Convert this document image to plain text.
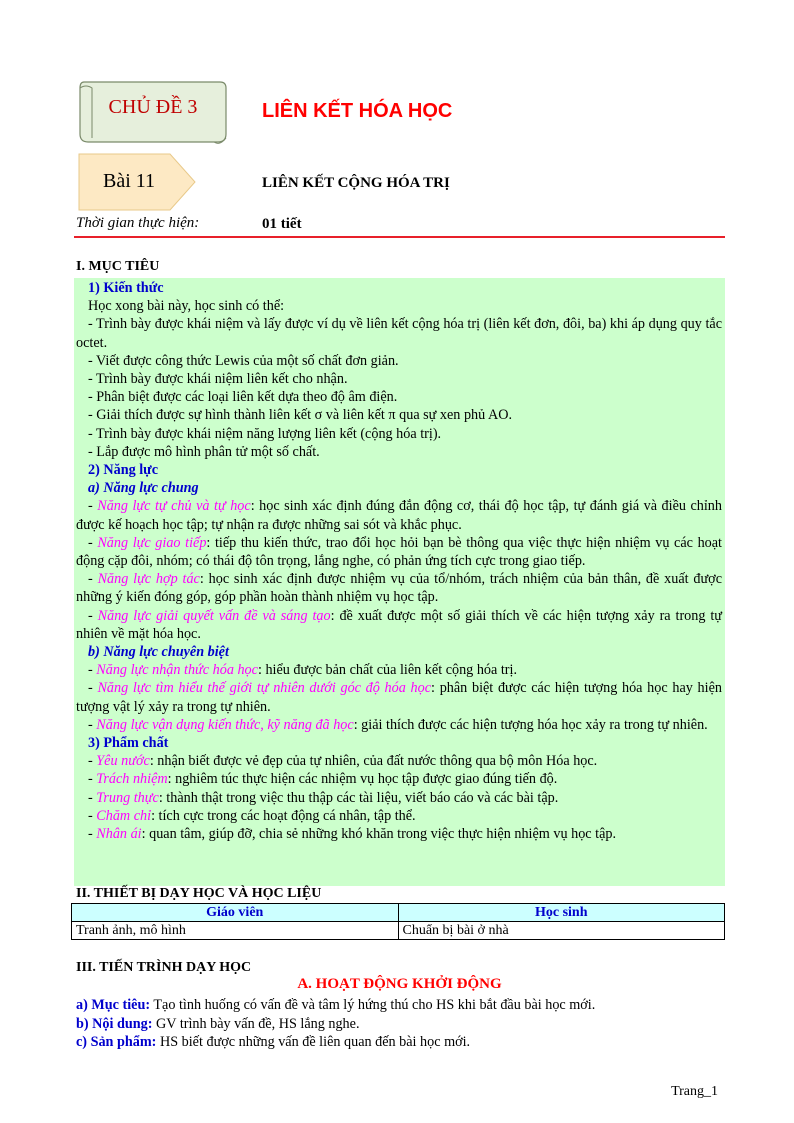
CHỦ ĐỀ 3	LIÊN KẾT HÓA HỌC
Bài 11	LIÊN KẾT CỘNG HÓA TRỊ
Thời gian thực hiện:	01 tiết
I. MỤC TIÊU

1) Kiến thức

Học xong bài này, học sinh có thể:

- Trình bày được khái niệm và lấy được ví dụ về liên kết cộng hóa trị (liên kết đơn, đôi, ba) khi áp dụng quy tắc octet.

- Viết được công thức Lewis của một số chất đơn giản.

- Trình bày được khái niệm liên kết cho nhận.

- Phân biệt được các loại liên kết dựa theo độ âm điện.

- Giải thích được sự hình thành liên kết σ và liên kết π qua sự xen phủ AO.

- Trình bày được khái niệm năng lượng liên kết (cộng hóa trị).

- Lắp được mô hình phân tử một số chất.

2) Năng lực

a) Năng lực chung

- Năng lực tự chủ và tự học: học sinh xác định đúng đắn động cơ, thái độ học tập, tự đánh giá và điều chỉnh được kế hoạch học tập; tự nhận ra được những sai sót và khắc phục.

- Năng lực giao tiếp: tiếp thu kiến thức, trao đổi học hỏi bạn bè thông qua việc thực hiện nhiệm vụ các hoạt động cặp đôi, nhóm; có thái độ tôn trọng, lắng nghe, có phản ứng tích cực trong giao tiếp.

- Năng lực hợp tác: học sinh xác định được nhiệm vụ của tổ/nhóm, trách nhiệm của bản thân, đề xuất được những ý kiến đóng góp, góp phần hoàn thành nhiệm vụ học tập.

- Năng lực giải quyết vấn đề và sáng tạo: đề xuất được một số giải thích về các hiện tượng xảy ra trong tự nhiên về mặt hóa học.

b) Năng lực chuyên biệt

- Năng lực nhận thức hóa học: hiểu được bản chất của liên kết cộng hóa trị.

- Năng lực tìm hiểu thế giới tự nhiên dưới góc độ hóa học: phân biệt được các hiện tượng hóa học hay hiện tượng vật lý xảy ra trong tự nhiên.

- Năng lực vận dụng kiến thức, kỹ năng đã học: giải thích được các hiện tượng hóa học xảy ra trong tự nhiên.

3) Phẩm chất

- Yêu nước: nhận biết được vẻ đẹp của tự nhiên, của đất nước thông qua bộ môn Hóa học.

- Trách nhiệm: nghiêm túc thực hiện các nhiệm vụ học tập được giao đúng tiến độ.

- Trung thực: thành thật trong việc thu thập các tài liệu, viết báo cáo và các bài tập.

- Chăm chỉ: tích cực trong các hoạt động cá nhân, tập thể.

- Nhân ái: quan tâm, giúp đỡ, chia sẻ những khó khăn trong việc thực hiện nhiệm vụ học tập.

II. THIẾT BỊ DẠY HỌC VÀ HỌC LIỆU
Giáo viên	Học sinh
Tranh ảnh, mô hình	Chuẩn bị bài ở nhà
III. TIẾN TRÌNH DẠY HỌC
A. HOẠT ĐỘNG KHỞI ĐỘNG
a) Mục tiêu: Tạo tình huống có vấn đề và tâm lý hứng thú cho HS khi bắt đầu bài học mới.
b) Nội dung: GV trình bày vấn đề, HS lắng nghe.
c) Sản phẩm: HS biết được những vấn đề liên quan đến bài học mới.
Trang_1
